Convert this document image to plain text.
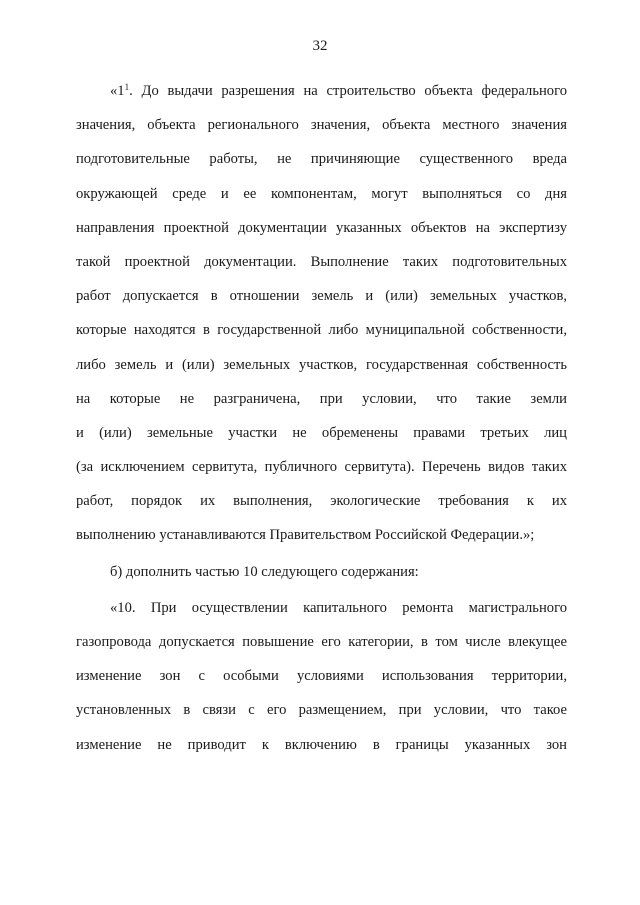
32
«$1^1$. До выдачи разрешения на строительство объекта федерального
значения, объекта регионального значения, объекта местного значения
подготовительные работы, не причиняющие существенного вреда
окружающей среде и ее компонентам, могут выполняться со дня
направления проектной документации указанных объектов на экспертизу
такой проектной документации. Выполнение таких подготовительных
работ допускается в отношении земель и (или) земельных участков,
которые находятся в государственной либо муниципальной собственности,
либо земель и (или) земельных участков, государственная собственность
на которые не разграничена, при условии, что такие земли
и (или) земельные участки не обременены правами третьих лиц
(за исключением сервитута, публичного сервитута). Перечень видов таких
работ, порядок их выполнения, экологические требования к их
выполнению устанавливаются Правительством Российской Федерации.»;
б) дополнить частью 10 следующего содержания:
«10. При осуществлении капитального ремонта магистрального
газопровода допускается повышение его категории, в том числе влекущее
изменение зон с особыми условиями использования территории,
установленных в связи с его размещением, при условии, что такое
изменение не приводит к включению в границы указанных зон
